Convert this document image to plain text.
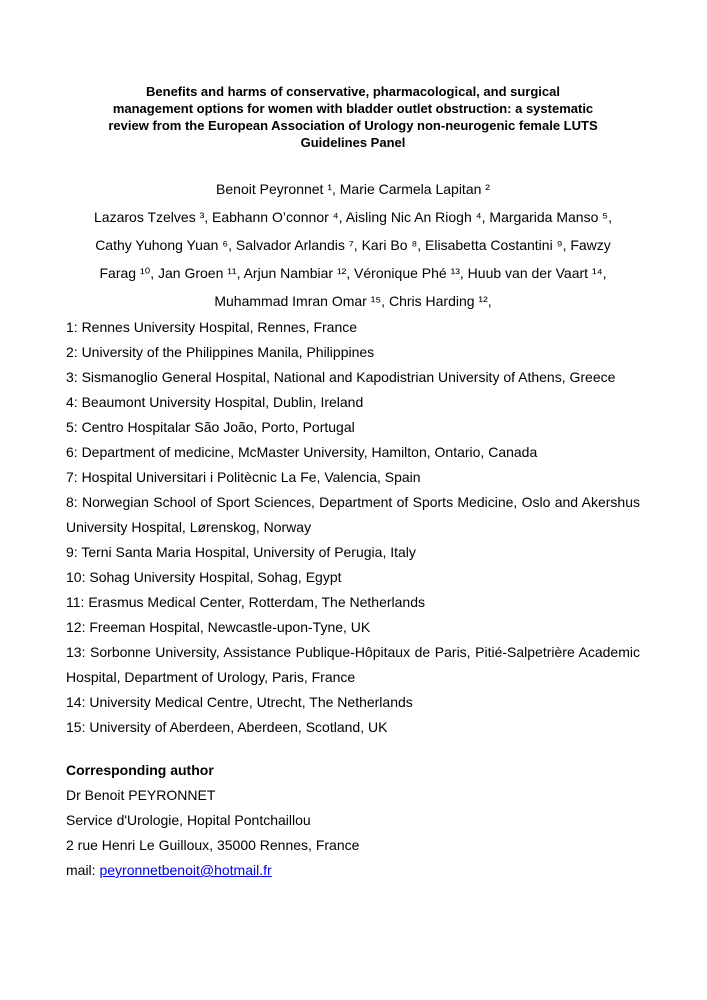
Benefits and harms of conservative, pharmacological, and surgical
management options for women with bladder outlet obstruction: a systematic
review from the European Association of Urology non-neurogenic female LUTS
Guidelines Panel
Benoit Peyronnet ¹, Marie Carmela Lapitan ²
Lazaros Tzelves ³, Eabhann O’connor ⁴, Aisling Nic An Riogh ⁴, Margarida Manso ⁵,
Cathy Yuhong Yuan ⁶, Salvador Arlandis ⁷, Kari Bo ⁸, Elisabetta Costantini ⁹, Fawzy
Farag ¹⁰, Jan Groen ¹¹, Arjun Nambiar ¹², Véronique Phé ¹³, Huub van der Vaart ¹⁴,
Muhammad Imran Omar ¹⁵, Chris Harding ¹²,

1: Rennes University Hospital, Rennes, France

2: University of the Philippines Manila, Philippines

3: Sismanoglio General Hospital, National and Kapodistrian University of Athens, Greece

4: Beaumont University Hospital, Dublin, Ireland

5: Centro Hospitalar São João, Porto, Portugal

6: Department of medicine, McMaster University, Hamilton, Ontario, Canada

7: Hospital Universitari i Politècnic La Fe, Valencia, Spain

8: Norwegian School of Sport Sciences, Department of Sports Medicine, Oslo and Akershus University Hospital, Lørenskog, Norway

9: Terni Santa Maria Hospital, University of Perugia, Italy

10: Sohag University Hospital, Sohag, Egypt

11: Erasmus Medical Center, Rotterdam, The Netherlands

12: Freeman Hospital, Newcastle-upon-Tyne, UK

13: Sorbonne University, Assistance Publique-Hôpitaux de Paris, Pitié-Salpetrière Academic Hospital, Department of Urology, Paris, France

14: University Medical Centre, Utrecht, The Netherlands

15: University of Aberdeen, Aberdeen, Scotland, UK

Corresponding author
Dr Benoit PEYRONNET
Service d'Urologie, Hopital Pontchaillou
2 rue Henri Le Guilloux, 35000 Rennes, France
mail: peyronnetbenoit@hotmail.fr
